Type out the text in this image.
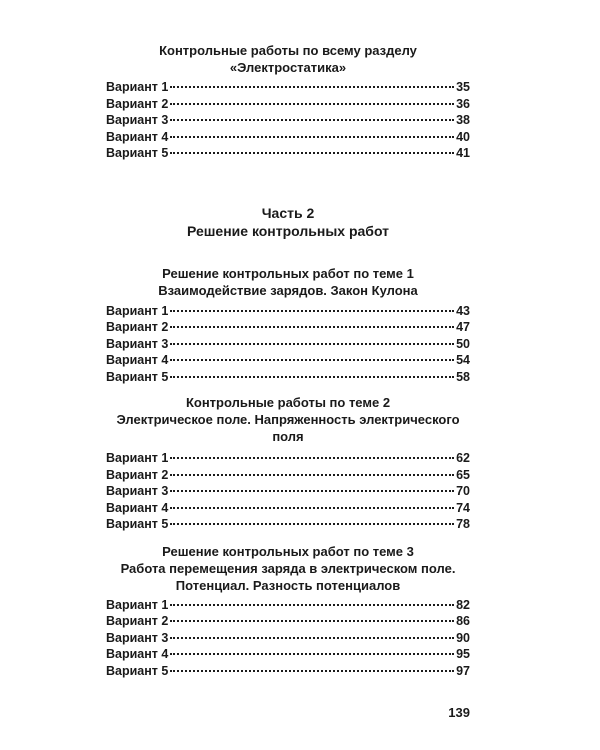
Контрольные работы по всему разделу

«Электростатика»

Вариант 1	35
Вариант 2	36
Вариант 3	38
Вариант 4	40
Вариант 5	41

Часть 2

Решение контрольных работ

Решение контрольных работ по теме 1

Взаимодействие зарядов. Закон Кулона

Вариант 1	43
Вариант 2	47
Вариант 3	50
Вариант 4	54
Вариант 5	58

Контрольные работы по теме 2

Электрическое поле. Напряженность электрического поля

Вариант 1	62
Вариант 2	65
Вариант 3	70
Вариант 4	74
Вариант 5	78

Решение контрольных работ по теме 3

Работа перемещения заряда в электрическом поле.

Потенциал. Разность потенциалов

Вариант 1	82
Вариант 2	86
Вариант 3	90
Вариант 4	95
Вариант 5	97
139
